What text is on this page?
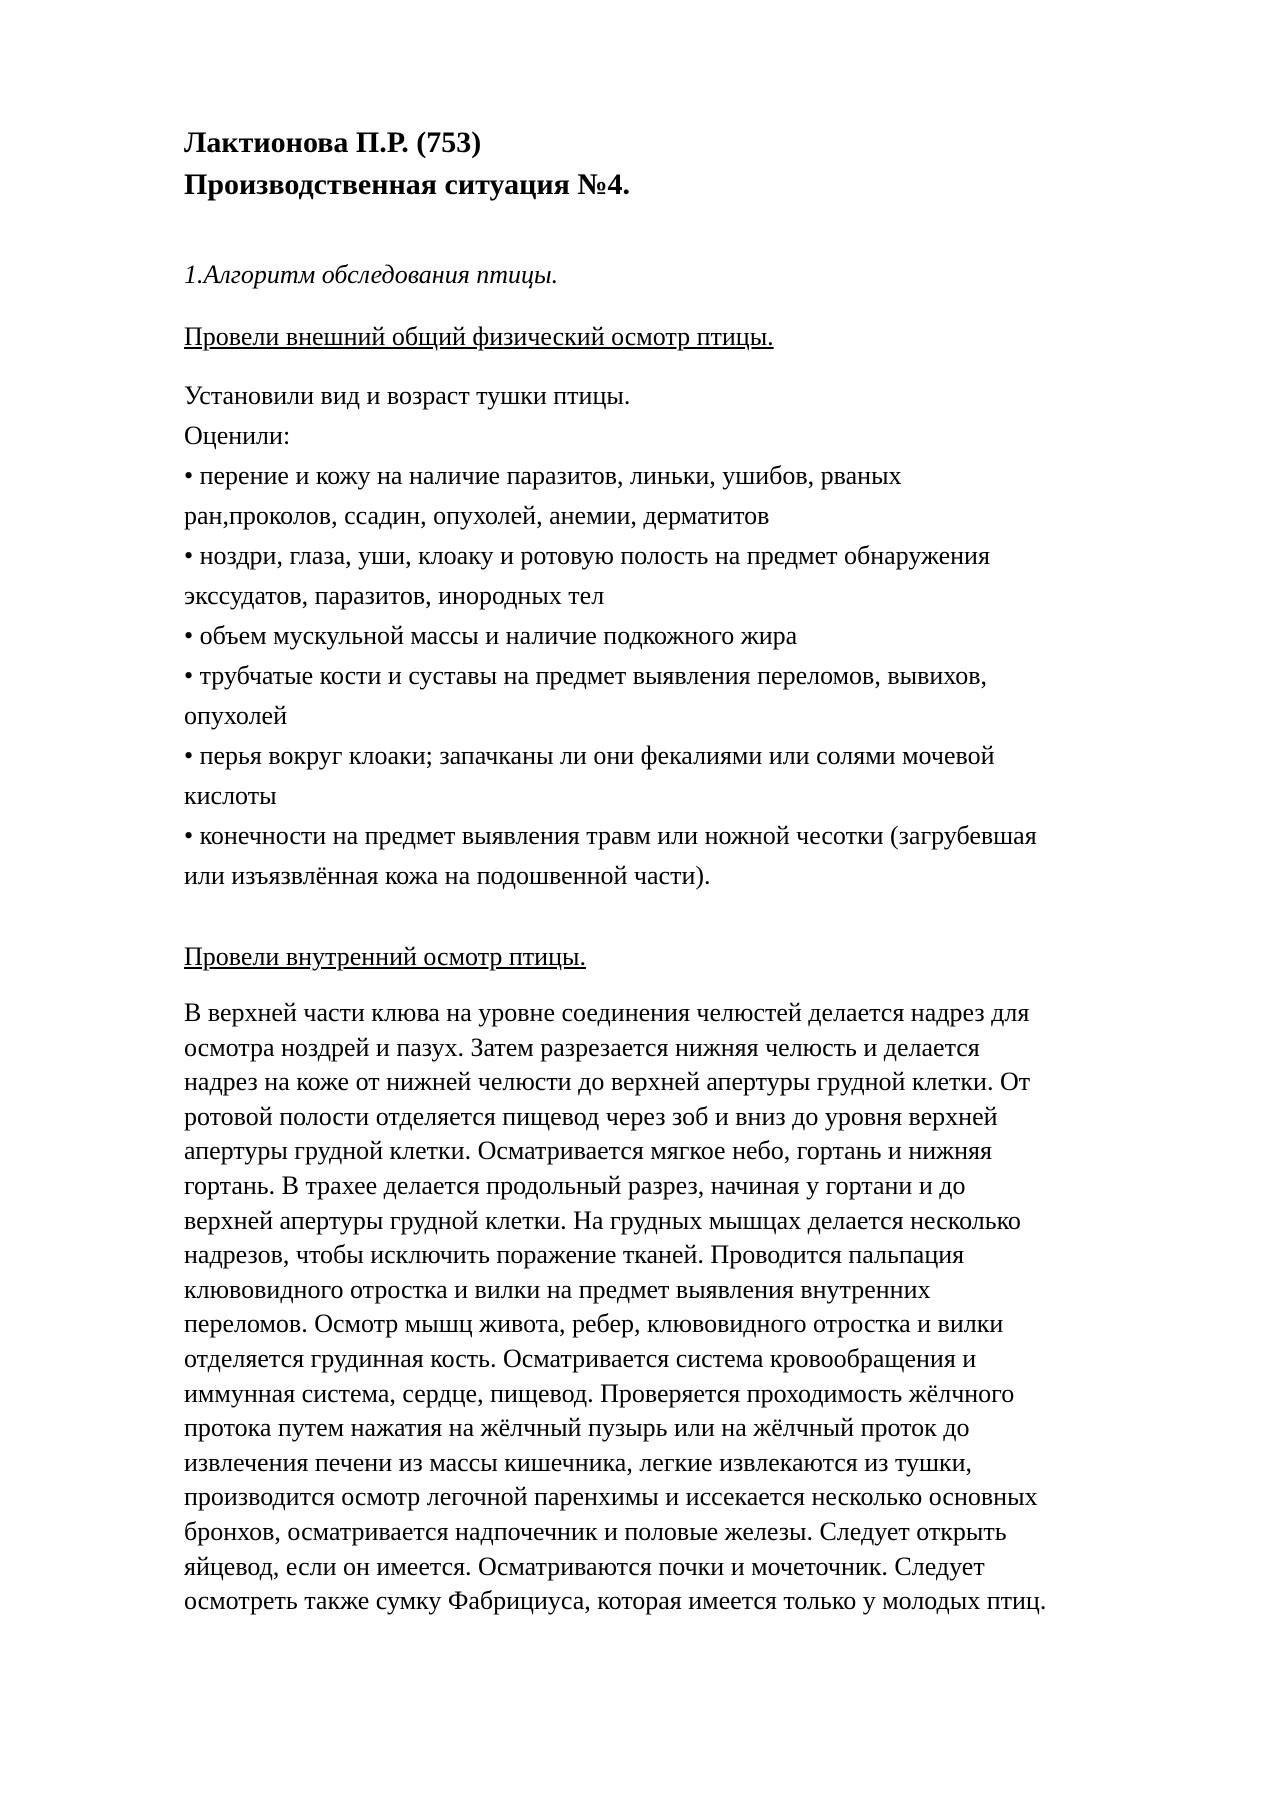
Лактионова П.Р. (753)
Производственная ситуация №4.

1.Алгоритм обследования птицы.

Провели внешний общий физический осмотр птицы.

Установили вид и возраст тушки птицы.
Оценили:
• перение и кожу на наличие паразитов, линьки, ушибов, рваных
ран,проколов, ссадин, опухолей, анемии, дерматитов
• ноздри, глаза, уши, клоаку и ротовую полость на предмет обнаружения
экссудатов, паразитов, инородных тел
• объем мускульной массы и наличие подкожного жира
• трубчатые кости и суставы на предмет выявления переломов, вывихов,
опухолей
• перья вокруг клоаки; запачканы ли они фекалиями или солями мочевой
кислоты
• конечности на предмет выявления травм или ножной чесотки (загрубевшая
или изъязвлённая кожа на подошвенной части).

Провели внутренний осмотр птицы.

В верхней части клюва на уровне соединения челюстей делается надрез для
осмотра ноздрей и пазух. Затем разрезается нижняя челюсть и делается
надрез на коже от нижней челюсти до верхней апертуры грудной клетки. От
ротовой полости отделяется пищевод через зоб и вниз до уровня верхней
апертуры грудной клетки. Осматривается мягкое небо, гортань и нижняя
гортань. В трахее делается продольный разрез, начиная у гортани и до
верхней апертуры грудной клетки. На грудных мышцах делается несколько
надрезов, чтобы исключить поражение тканей. Проводится пальпация
клювовидного отростка и вилки на предмет выявления внутренних
переломов. Осмотр мышц живота, ребер, клювовидного отростка и вилки
отделяется грудинная кость. Осматривается система кровообращения и
иммунная система, сердце, пищевод. Проверяется проходимость жёлчного
протока путем нажатия на жёлчный пузырь или на жёлчный проток до
извлечения печени из массы кишечника, легкие извлекаются из тушки,
производится осмотр легочной паренхимы и иссекается несколько основных
бронхов, осматривается надпочечник и половые железы. Следует открыть
яйцевод, если он имеется. Осматриваются почки и мочеточник. Следует
осмотреть также сумку Фабрициуса, которая имеется только у молодых птиц.
